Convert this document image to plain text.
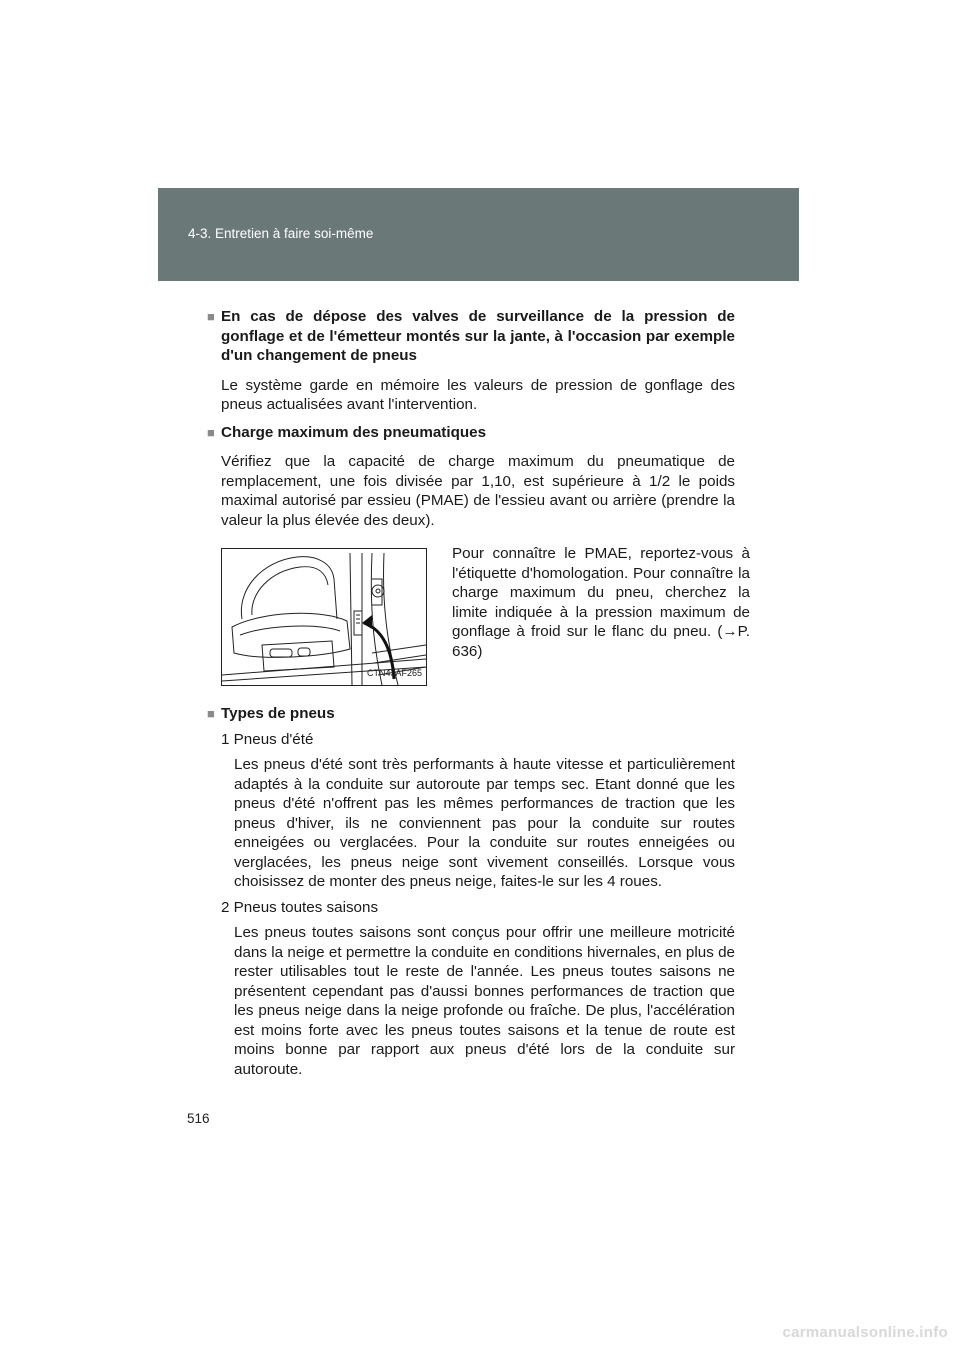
4-3. Entretien à faire soi-même
■ En cas de dépose des valves de surveillance de la pression de gonflage et de l'émetteur montés sur la jante, à l'occasion par exemple d'un changement de pneus
Le système garde en mémoire les valeurs de pression de gonflage des pneus actualisées avant l'intervention.
■ Charge maximum des pneumatiques
Vérifiez que la capacité de charge maximum du pneumatique de remplacement, une fois divisée par 1,10, est supérieure à 1/2 le poids maximal autorisé par essieu (PMAE) de l'essieu avant ou arrière (prendre la valeur la plus élevée des deux).
CTN43AF265
Pour connaître le PMAE, reportez-vous à l'étiquette d'homologation. Pour connaître la charge maximum du pneu, cherchez la limite indiquée à la pression maximum de gonflage à froid sur le flanc du pneu. (→P. 636)
■ Types de pneus
1 Pneus d'été
Les pneus d'été sont très performants à haute vitesse et particulièrement adaptés à la conduite sur autoroute par temps sec. Etant donné que les pneus d'été n'offrent pas les mêmes performances de traction que les pneus d'hiver, ils ne conviennent pas pour la conduite sur routes enneigées ou verglacées. Pour la conduite sur routes enneigées ou verglacées, les pneus neige sont vivement conseillés. Lorsque vous choisissez de monter des pneus neige, faites-le sur les 4 roues.
2 Pneus toutes saisons
Les pneus toutes saisons sont conçus pour offrir une meilleure motricité dans la neige et permettre la conduite en conditions hivernales, en plus de rester utilisables tout le reste de l'année. Les pneus toutes saisons ne présentent cependant pas d'aussi bonnes performances de traction que les pneus neige dans la neige profonde ou fraîche. De plus, l'accélération est moins forte avec les pneus toutes saisons et la tenue de route est moins bonne par rapport aux pneus d'été lors de la conduite sur autoroute.
516
carmanualsonline.info
